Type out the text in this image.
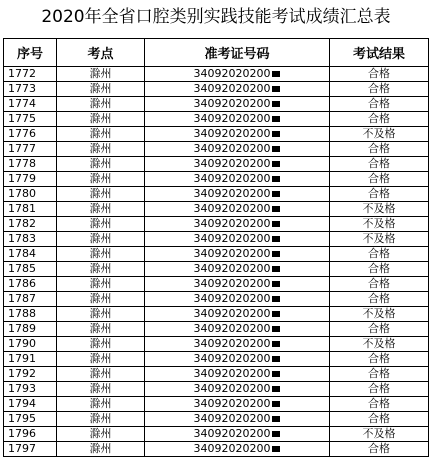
2020年全省口腔类别实践技能考试成绩汇总表
序号	考点	准考证号码	考试结果
1772	滁州	34092020200	合格
1773	滁州	34092020200	合格
1774	滁州	34092020200	合格
1775	滁州	34092020200	合格
1776	滁州	34092020200	不及格
1777	滁州	34092020200	合格
1778	滁州	34092020200	合格
1779	滁州	34092020200	合格
1780	滁州	34092020200	合格
1781	滁州	34092020200	不及格
1782	滁州	34092020200	不及格
1783	滁州	34092020200	不及格
1784	滁州	34092020200	合格
1785	滁州	34092020200	合格
1786	滁州	34092020200	合格
1787	滁州	34092020200	合格
1788	滁州	34092020200	不及格
1789	滁州	34092020200	合格
1790	滁州	34092020200	不及格
1791	滁州	34092020200	合格
1792	滁州	34092020200	合格
1793	滁州	34092020200	合格
1794	滁州	34092020200	合格
1795	滁州	34092020200	合格
1796	滁州	34092020200	不及格
1797	滁州	34092020200	合格
